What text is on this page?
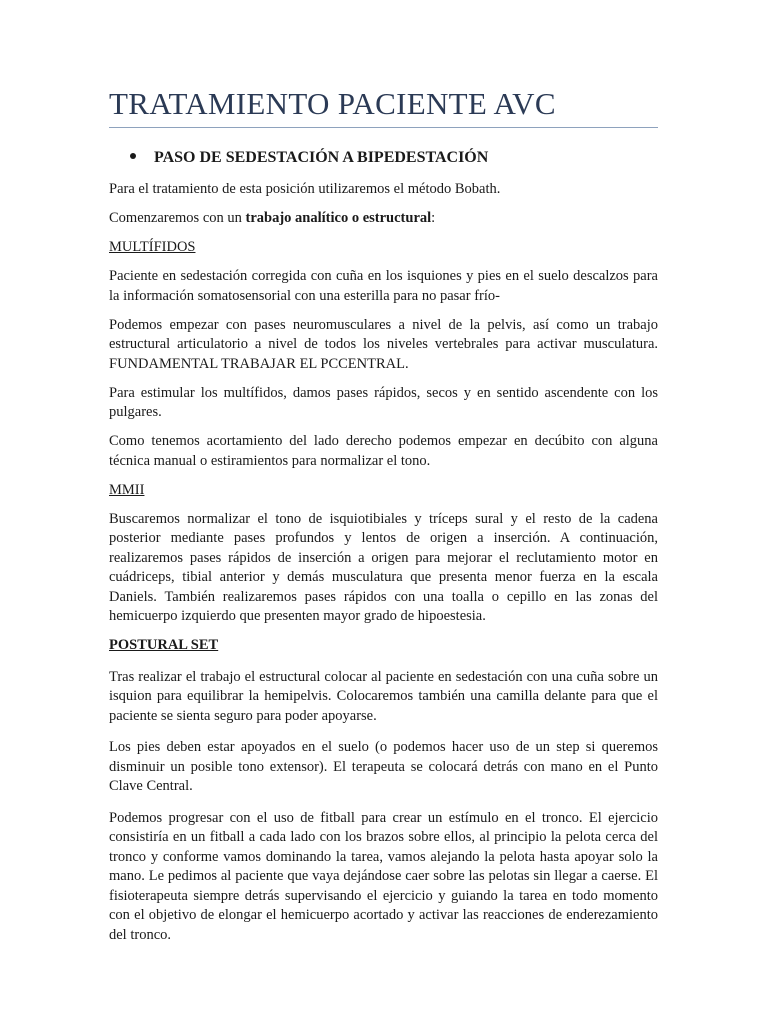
TRATAMIENTO PACIENTE AVC
PASO DE SEDESTACIÓN A BIPEDESTACIÓN

Para el tratamiento de esta posición utilizaremos el método Bobath.

Comenzaremos con un trabajo analítico o estructural:

MULTÍFIDOS

Paciente en sedestación corregida con cuña en los isquiones y pies en el suelo descalzos para la información somatosensorial con una esterilla para no pasar frío-

Podemos empezar con pases neuromusculares a nivel de la pelvis, así como un trabajo estructural articulatorio a nivel de todos los niveles vertebrales para activar musculatura. FUNDAMENTAL TRABAJAR EL PCCENTRAL.

Para estimular los multífidos, damos pases rápidos, secos y en sentido ascendente con los pulgares.

Como tenemos acortamiento del lado derecho podemos empezar en decúbito con alguna técnica manual o estiramientos para normalizar el tono.

MMII

Buscaremos normalizar el tono de isquiotibiales y tríceps sural y el resto de la cadena posterior mediante pases profundos y lentos de origen a inserción. A continuación, realizaremos pases rápidos de inserción a origen para mejorar el reclutamiento motor en cuádriceps, tibial anterior y demás musculatura que presenta menor fuerza en la escala Daniels. También realizaremos pases rápidos con una toalla o cepillo en las zonas del hemicuerpo izquierdo que presenten mayor grado de hipoestesia.

POSTURAL SET

Tras realizar el trabajo el estructural colocar al paciente en sedestación con una cuña sobre un isquion para equilibrar la hemipelvis. Colocaremos también una camilla delante para que el paciente se sienta seguro para poder apoyarse.

Los pies deben estar apoyados en el suelo (o podemos hacer uso de un step si queremos disminuir un posible tono extensor). El terapeuta se colocará detrás con mano en el Punto Clave Central.

Podemos progresar con el uso de fitball para crear un estímulo en el tronco. El ejercicio consistiría en un fitball a cada lado con los brazos sobre ellos, al principio la pelota cerca del tronco y conforme vamos dominando la tarea, vamos alejando la pelota hasta apoyar solo la mano. Le pedimos al paciente que vaya dejándose caer sobre las pelotas sin llegar a caerse. El fisioterapeuta siempre detrás supervisando el ejercicio y guiando la tarea en todo momento con el objetivo de elongar el hemicuerpo acortado y activar las reacciones de enderezamiento del tronco.
